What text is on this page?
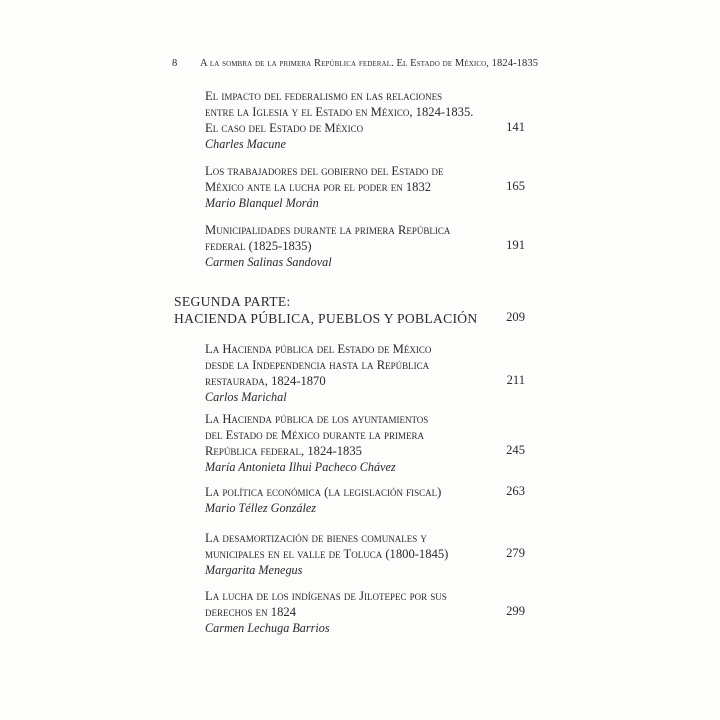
8 A la sombra de la primera República federal. El Estado de México, 1824-1835
El impacto del federalismo en las relaciones
entre la Iglesia y el Estado en México, 1824-1835.
El caso del Estado de México
Charles Macune
141
Los trabajadores del gobierno del Estado de
México ante la lucha por el poder en 1832
Mario Blanquel Morán
165
Municipalidades durante la primera República
federal (1825-1835)
Carmen Salinas Sandoval
191
SEGUNDA PARTE:
HACIENDA PÚBLICA, PUEBLOS Y POBLACIÓN	209
La Hacienda pública del Estado de México
desde la Independencia hasta la República
restaurada, 1824-1870
Carlos Marichal
211
La Hacienda pública de los ayuntamientos
del Estado de México durante la primera
República federal, 1824-1835
María Antonieta Ilhui Pacheco Chávez
245
La política económica (la legislación fiscal)
Mario Téllez González
263
La desamortización de bienes comunales y
municipales en el valle de Toluca (1800-1845)
Margarita Menegus
279
La lucha de los indígenas de Jilotepec por sus
derechos en 1824
Carmen Lechuga Barrios
299
